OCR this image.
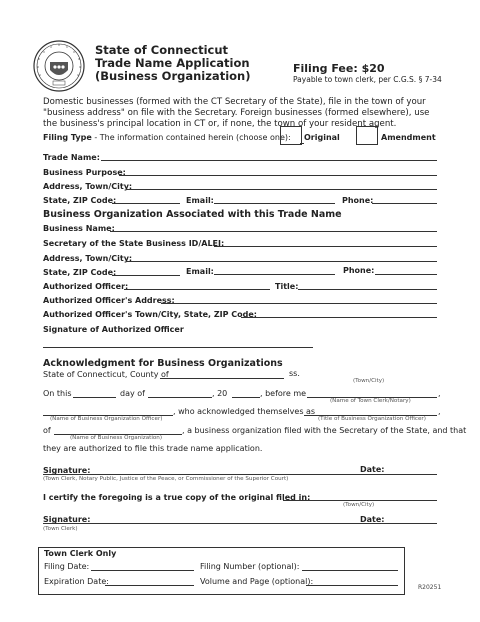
State of Connecticut
Trade Name Application
(Business Organization)
Filing Fee: $20
Payable to town clerk, per C.G.S. § 7-34
Domestic businesses (formed with the CT Secretary of the State), file in the town of your "business address" on file with the Secretary. Foreign businesses (formed elsewhere), use the business's principal location in CT or, if none, the town of your resident agent.
Filing Type - The information contained herein (choose one): Original	Amendment
Trade Name:
Business Purpose:
Address, Town/City:
State, ZIP Code:	Email:	Phone:
Business Organization Associated with this Trade Name
Business Name:
Secretary of the State Business ID/ALEI:
Address, Town/City:
State, ZIP Code:	Email:	Phone:
Authorized Officer:	Title:
Authorized Officer's Address:
Authorized Officer's Town/City, State, ZIP Code:
Signature of Authorized Officer
Acknowledgment for Business Organizations
State of Connecticut, County of	ss.
(Town/City)
On this	day of	, 20	, before me	,
(Name of Town Clerk/Notary)
, who acknowledged themselves as	,
(Name of Business Organization Officer)	(Title of Business Organization Officer)
of	, a business organization filed with the Secretary of the State, and that
(Name of Business Organization)
they are authorized to file this trade name application.
Signature:	Date:
(Town Clerk, Notary Public, Justice of the Peace, or Commissioner of the Superior Court)
I certify the foregoing is a true copy of the original filed in:
(Town/City)
Signature:	Date:
(Town Clerk)
Town Clerk Only
Filing Date:	Filing Number (optional):
Expiration Date:	Volume and Page (optional):
R20251
